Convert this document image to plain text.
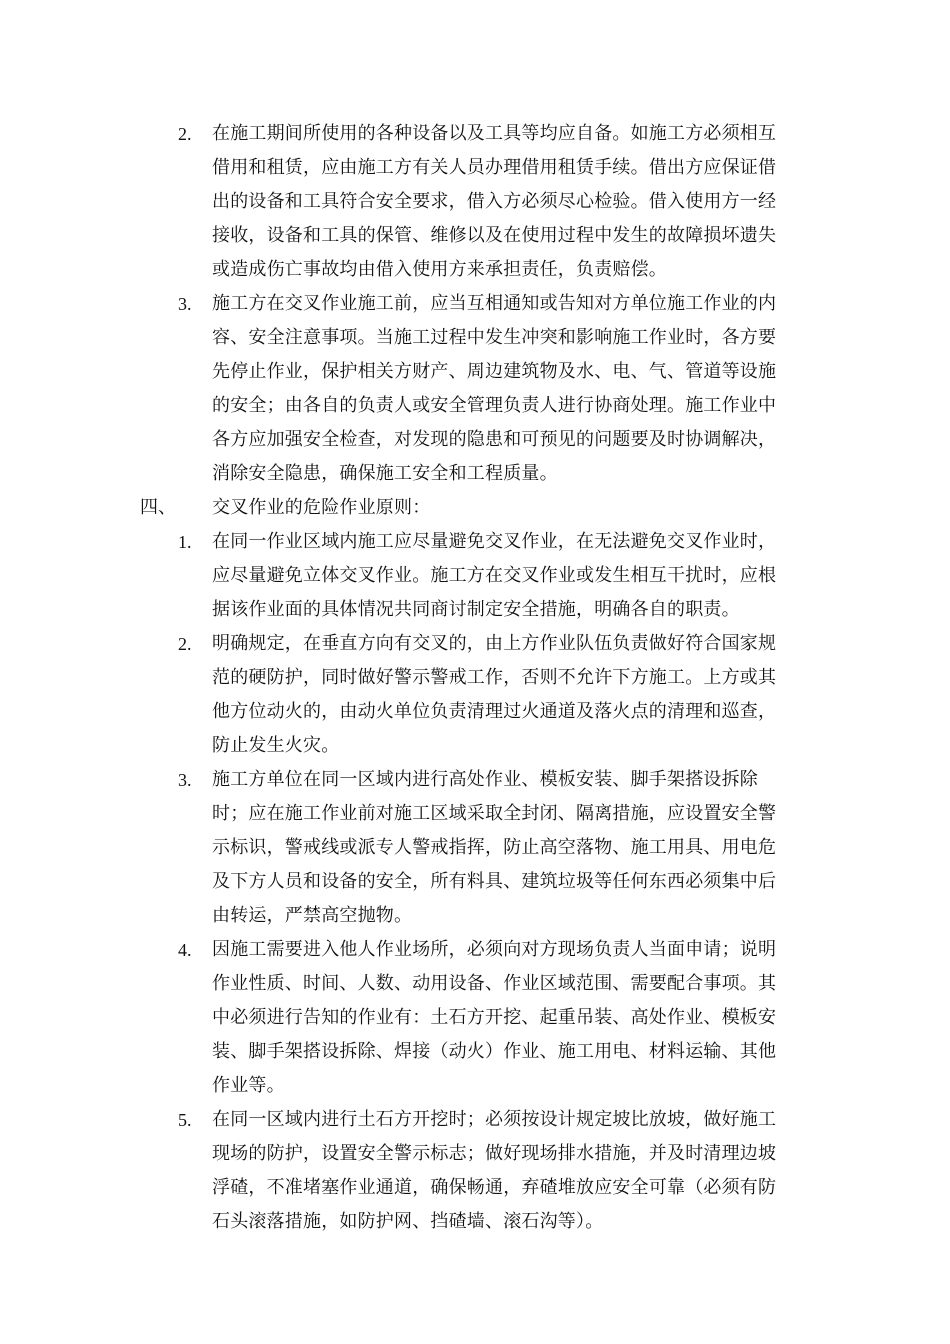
2.	在施工期间所使用的各种设备以及工具等均应自备。如施工方必须相互
借用和租赁，应由施工方有关人员办理借用租赁手续。借出方应保证借
出的设备和工具符合安全要求，借入方必须尽心检验。借入使用方一经
接收，设备和工具的保管、维修以及在使用过程中发生的故障损坏遗失
或造成伤亡事故均由借入使用方来承担责任，负责赔偿。
3.	施工方在交叉作业施工前，应当互相通知或告知对方单位施工作业的内
容、安全注意事项。当施工过程中发生冲突和影响施工作业时，各方要
先停止作业，保护相关方财产、周边建筑物及水、电、气、管道等设施
的安全；由各自的负责人或安全管理负责人进行协商处理。施工作业中
各方应加强安全检查，对发现的隐患和可预见的问题要及时协调解决，
消除安全隐患，确保施工安全和工程质量。
四、	交叉作业的危险作业原则：
1.	在同一作业区域内施工应尽量避免交叉作业，在无法避免交叉作业时，
应尽量避免立体交叉作业。施工方在交叉作业或发生相互干扰时，应根
据该作业面的具体情况共同商讨制定安全措施，明确各自的职责。
2.	明确规定，在垂直方向有交叉的，由上方作业队伍负责做好符合国家规
范的硬防护，同时做好警示警戒工作，否则不允许下方施工。上方或其
他方位动火的，由动火单位负责清理过火通道及落火点的清理和巡查，
防止发生火灾。
3.	施工方单位在同一区域内进行高处作业、模板安装、脚手架搭设拆除
时；应在施工作业前对施工区域采取全封闭、隔离措施，应设置安全警
示标识，警戒线或派专人警戒指挥，防止高空落物、施工用具、用电危
及下方人员和设备的安全，所有料具、建筑垃圾等任何东西必须集中后
由转运，严禁高空抛物。
4.	因施工需要进入他人作业场所，必须向对方现场负责人当面申请；说明
作业性质、时间、人数、动用设备、作业区域范围、需要配合事项。其
中必须进行告知的作业有：土石方开挖、起重吊装、高处作业、模板安
装、脚手架搭设拆除、焊接（动火）作业、施工用电、材料运输、其他
作业等。
5.	在同一区域内进行土石方开挖时；必须按设计规定坡比放坡，做好施工
现场的防护，设置安全警示标志；做好现场排水措施，并及时清理边坡
浮碴，不准堵塞作业通道，确保畅通，弃碴堆放应安全可靠（必须有防
石头滚落措施，如防护网、挡碴墙、滚石沟等）。
